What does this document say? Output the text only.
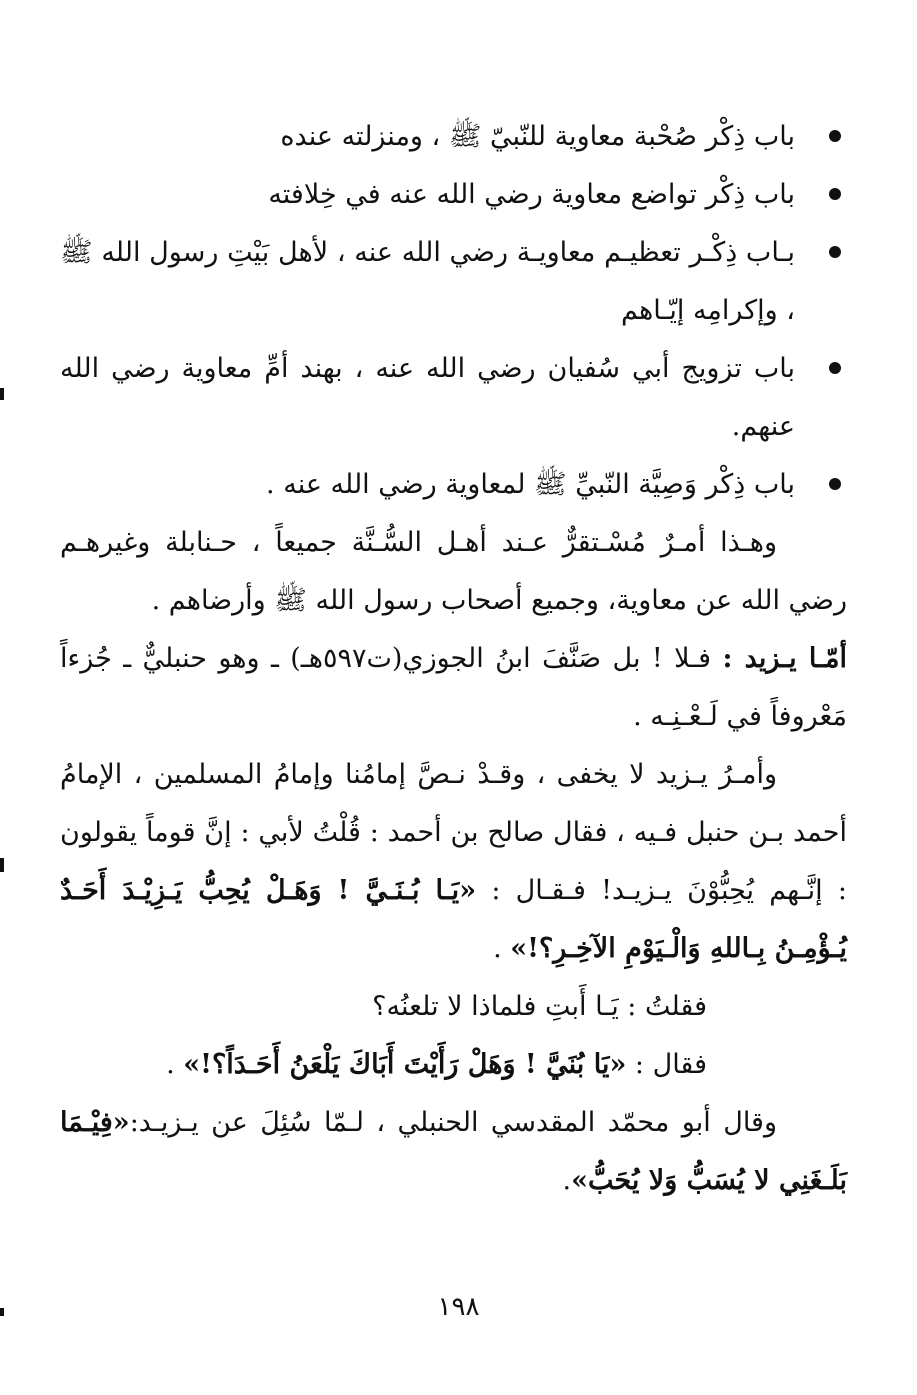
باب ذِكْر صُحْبة معاوية للنّبيّ ﷺ ، ومنزلته عنده
باب ذِكْر تواضع معاوية رضي الله عنه في خِلافته
بـاب ذِكْـر تعظيـم معاويـة رضي الله عنه ، لأهل بَيْتِ رسول الله ﷺ ، وإكرامِه إيّـاهم
باب تزويج أبي سُفيان رضي الله عنه ، بهند أمِّ معاوية رضي الله عنهم.
باب ذِكْر وَصِيَّة النّبيِّ ﷺ لمعاوية رضي الله عنه .

وهـذا أمـرٌ مُسْـتقرٌّ عـند أهـل السُّـنَّة جميعاً ، حـنابلة وغيرهـم رضي الله عن معاوية، وجميع أصحاب رسول الله ﷺ وأرضاهم .

أمّـا يـزيد : فـلا ! بل صَنَّفَ ابنُ الجوزي(ت٥٩٧هـ) ـ وهو حنبليٌّ ـ جُزءاً مَعْروفاً في لَـعْـنِـه .

وأمـرُ يـزيد لا يخفى ، وقـدْ نـصَّ إمامُنا وإمامُ المسلمين ، الإمامُ أحمد بـن حنبل فـيه ، فقال صالح بن أحمد : قُلْتُ لأبي : إنَّ قوماً يقولون : إنَّـهم يُحِبُّوْنَ يـزيـد! فـقـال : «يَـا بُـنَـيَّ ! وَهَـلْ يُحِبُّ يَـزِيْـدَ أَحَـدٌ يُـؤْمِـنُ بِـاللهِ وَالْـيَوْمِ الآخِـرِ؟!» .

فقلتُ : يَـا أَبتِ فلماذا لا تلعنُه؟

فقال : «يَا بُنَيَّ ! وَهَلْ رَأَيْتَ أَبَاكَ يَلْعَنُ أَحَـدَاً؟!» .

وقال أبو محمّد المقدسي الحنبلي ، لـمّا سُئِلَ عن يـزيـد:«فِيْـمَا بَلَـغَنِي لا يُسَبُّ وَلا يُحَبُّ».

١٩٨
